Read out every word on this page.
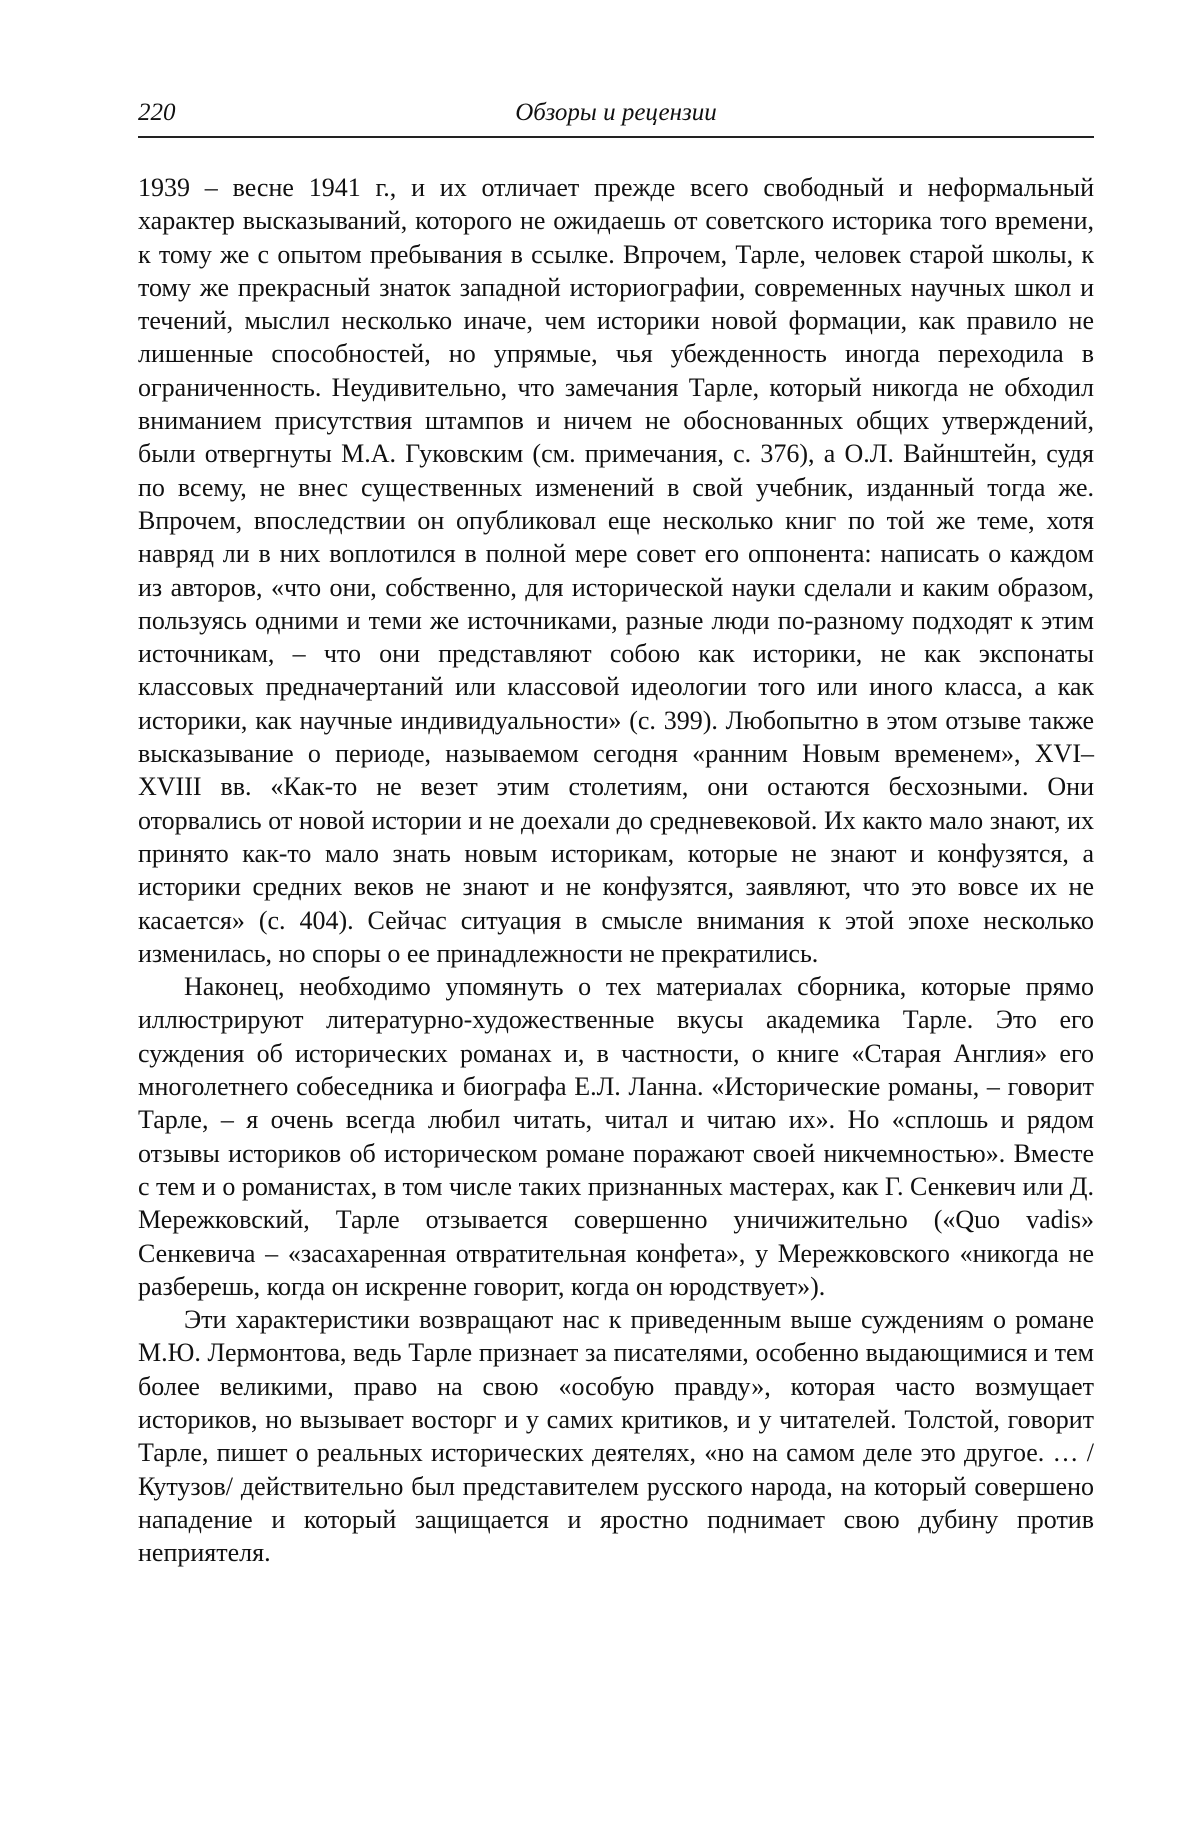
220	Обзоры и рецензии

1939 – весне 1941 г., и их отличает прежде всего свободный и неформальный характер высказываний, которого не ожидаешь от советского историка того времени, к тому же с опытом пребывания в ссылке. Впрочем, Тарле, человек старой школы, к тому же прекрасный знаток западной историографии, современных научных школ и течений, мыслил несколько иначе, чем историки новой формации, как правило не лишенные способностей, но упрямые, чья убежденность иногда переходила в ограниченность. Неудивительно, что замечания Тарле, который никогда не обходил вниманием присутствия штампов и ничем не обоснованных общих утверждений, были отвергнуты М.А. Гуковским (см. примечания, с. 376), а О.Л. Вайнштейн, судя по всему, не внес существенных изменений в свой учебник, изданный тогда же. Впрочем, впоследствии он опубликовал еще несколько книг по той же теме, хотя навряд ли в них воплотился в полной мере совет его оппонента: написать о каждом из авторов, «что они, собственно, для исторической науки сделали и каким образом, пользуясь одними и теми же источниками, разные люди по-разному подходят к этим источникам, – что они представляют собою как историки, не как экспонаты классовых предначертаний или классовой идеологии того или иного класса, а как историки, как научные индивидуальности» (с. 399). Любопытно в этом отзыве также высказывание о периоде, называемом сегодня «ранним Новым временем», XVI–XVIII вв. «Как-то не везет этим столетиям, они остаются бесхозными. Они оторвались от новой истории и не доехали до средневековой. Их както мало знают, их принято как-то мало знать новым историкам, которые не знают и конфузятся, а историки средних веков не знают и не конфузятся, заявляют, что это вовсе их не касается» (с. 404). Сейчас ситуация в смысле внимания к этой эпохе несколько изменилась, но споры о ее принадлежности не прекратились.

Наконец, необходимо упомянуть о тех материалах сборника, которые прямо иллюстрируют литературно-художественные вкусы академика Тарле. Это его суждения об исторических романах и, в частности, о книге «Старая Англия» его многолетнего собеседника и биографа Е.Л. Ланна. «Исторические романы, – говорит Тарле, – я очень всегда любил читать, читал и читаю их». Но «сплошь и рядом отзывы историков об историческом романе поражают своей никчемностью». Вместе с тем и о романистах, в том числе таких признанных мастерах, как Г. Сенкевич или Д. Мережковский, Тарле отзывается совершенно уничижительно («Quo vadis» Сенкевича – «засахаренная отвратительная конфета», у Мережковского «никогда не разберешь, когда он искренне говорит, когда он юродствует»).

Эти характеристики возвращают нас к приведенным выше суждениям о романе М.Ю. Лермонтова, ведь Тарле признает за писателями, особенно выдающимися и тем более великими, право на свою «особую правду», которая часто возмущает историков, но вызывает восторг и у самих критиков, и у читателей. Толстой, говорит Тарле, пишет о реальных исторических деятелях, «но на самом деле это другое. … /Кутузов/ действительно был представителем русского народа, на который совершено нападение и который защищается и яростно поднимает свою дубину против неприятеля.
